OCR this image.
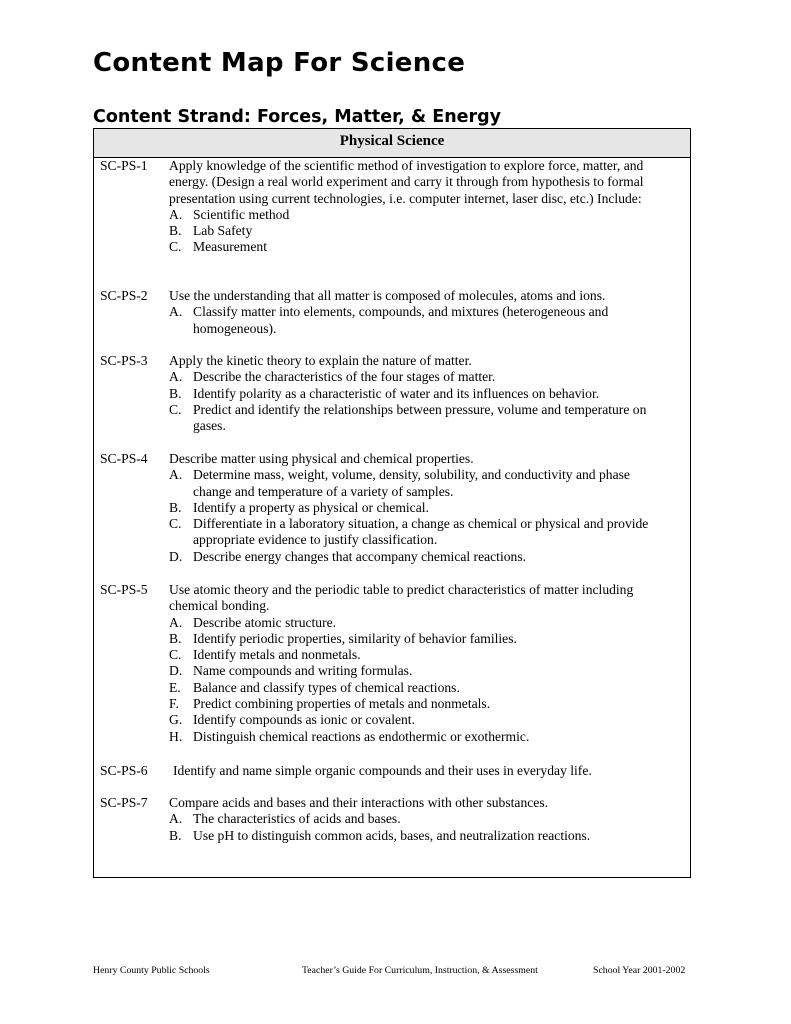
Content Map For Science
Content Strand: Forces, Matter, & Energy
Physical Science
SC-PS-1 Apply knowledge of the scientific method of investigation to explore force, matter, and energy. (Design a real world experiment and carry it through from hypothesis to formal presentation using current technologies, i.e. computer internet, laser disc, etc.) Include:
A. Scientific method
B. Lab Safety
C. Measurement
SC-PS-2 Use the understanding that all matter is composed of molecules, atoms and ions.
A. Classify matter into elements, compounds, and mixtures (heterogeneous and homogeneous).
SC-PS-3 Apply the kinetic theory to explain the nature of matter.
A. Describe the characteristics of the four stages of matter.
B. Identify polarity as a characteristic of water and its influences on behavior.
C. Predict and identify the relationships between pressure, volume and temperature on gases.
SC-PS-4 Describe matter using physical and chemical properties.
A. Determine mass, weight, volume, density, solubility, and conductivity and phase change and temperature of a variety of samples.
B. Identify a property as physical or chemical.
C. Differentiate in a laboratory situation, a change as chemical or physical and provide appropriate evidence to justify classification.
D. Describe energy changes that accompany chemical reactions.
SC-PS-5 Use atomic theory and the periodic table to predict characteristics of matter including chemical bonding.
A. Describe atomic structure.
B. Identify periodic properties, similarity of behavior families.
C. Identify metals and nonmetals.
D. Name compounds and writing formulas.
E. Balance and classify types of chemical reactions.
F. Predict combining properties of metals and nonmetals.
G. Identify compounds as ionic or covalent.
H. Distinguish chemical reactions as endothermic or exothermic.
SC-PS-6 Identify and name simple organic compounds and their uses in everyday life.
SC-PS-7 Compare acids and bases and their interactions with other substances.
A. The characteristics of acids and bases.
B. Use pH to distinguish common acids, bases, and neutralization reactions.
Henry County Public Schools	Teacher’s Guide For Curriculum, Instruction, & Assessment	School Year 2001-2002
